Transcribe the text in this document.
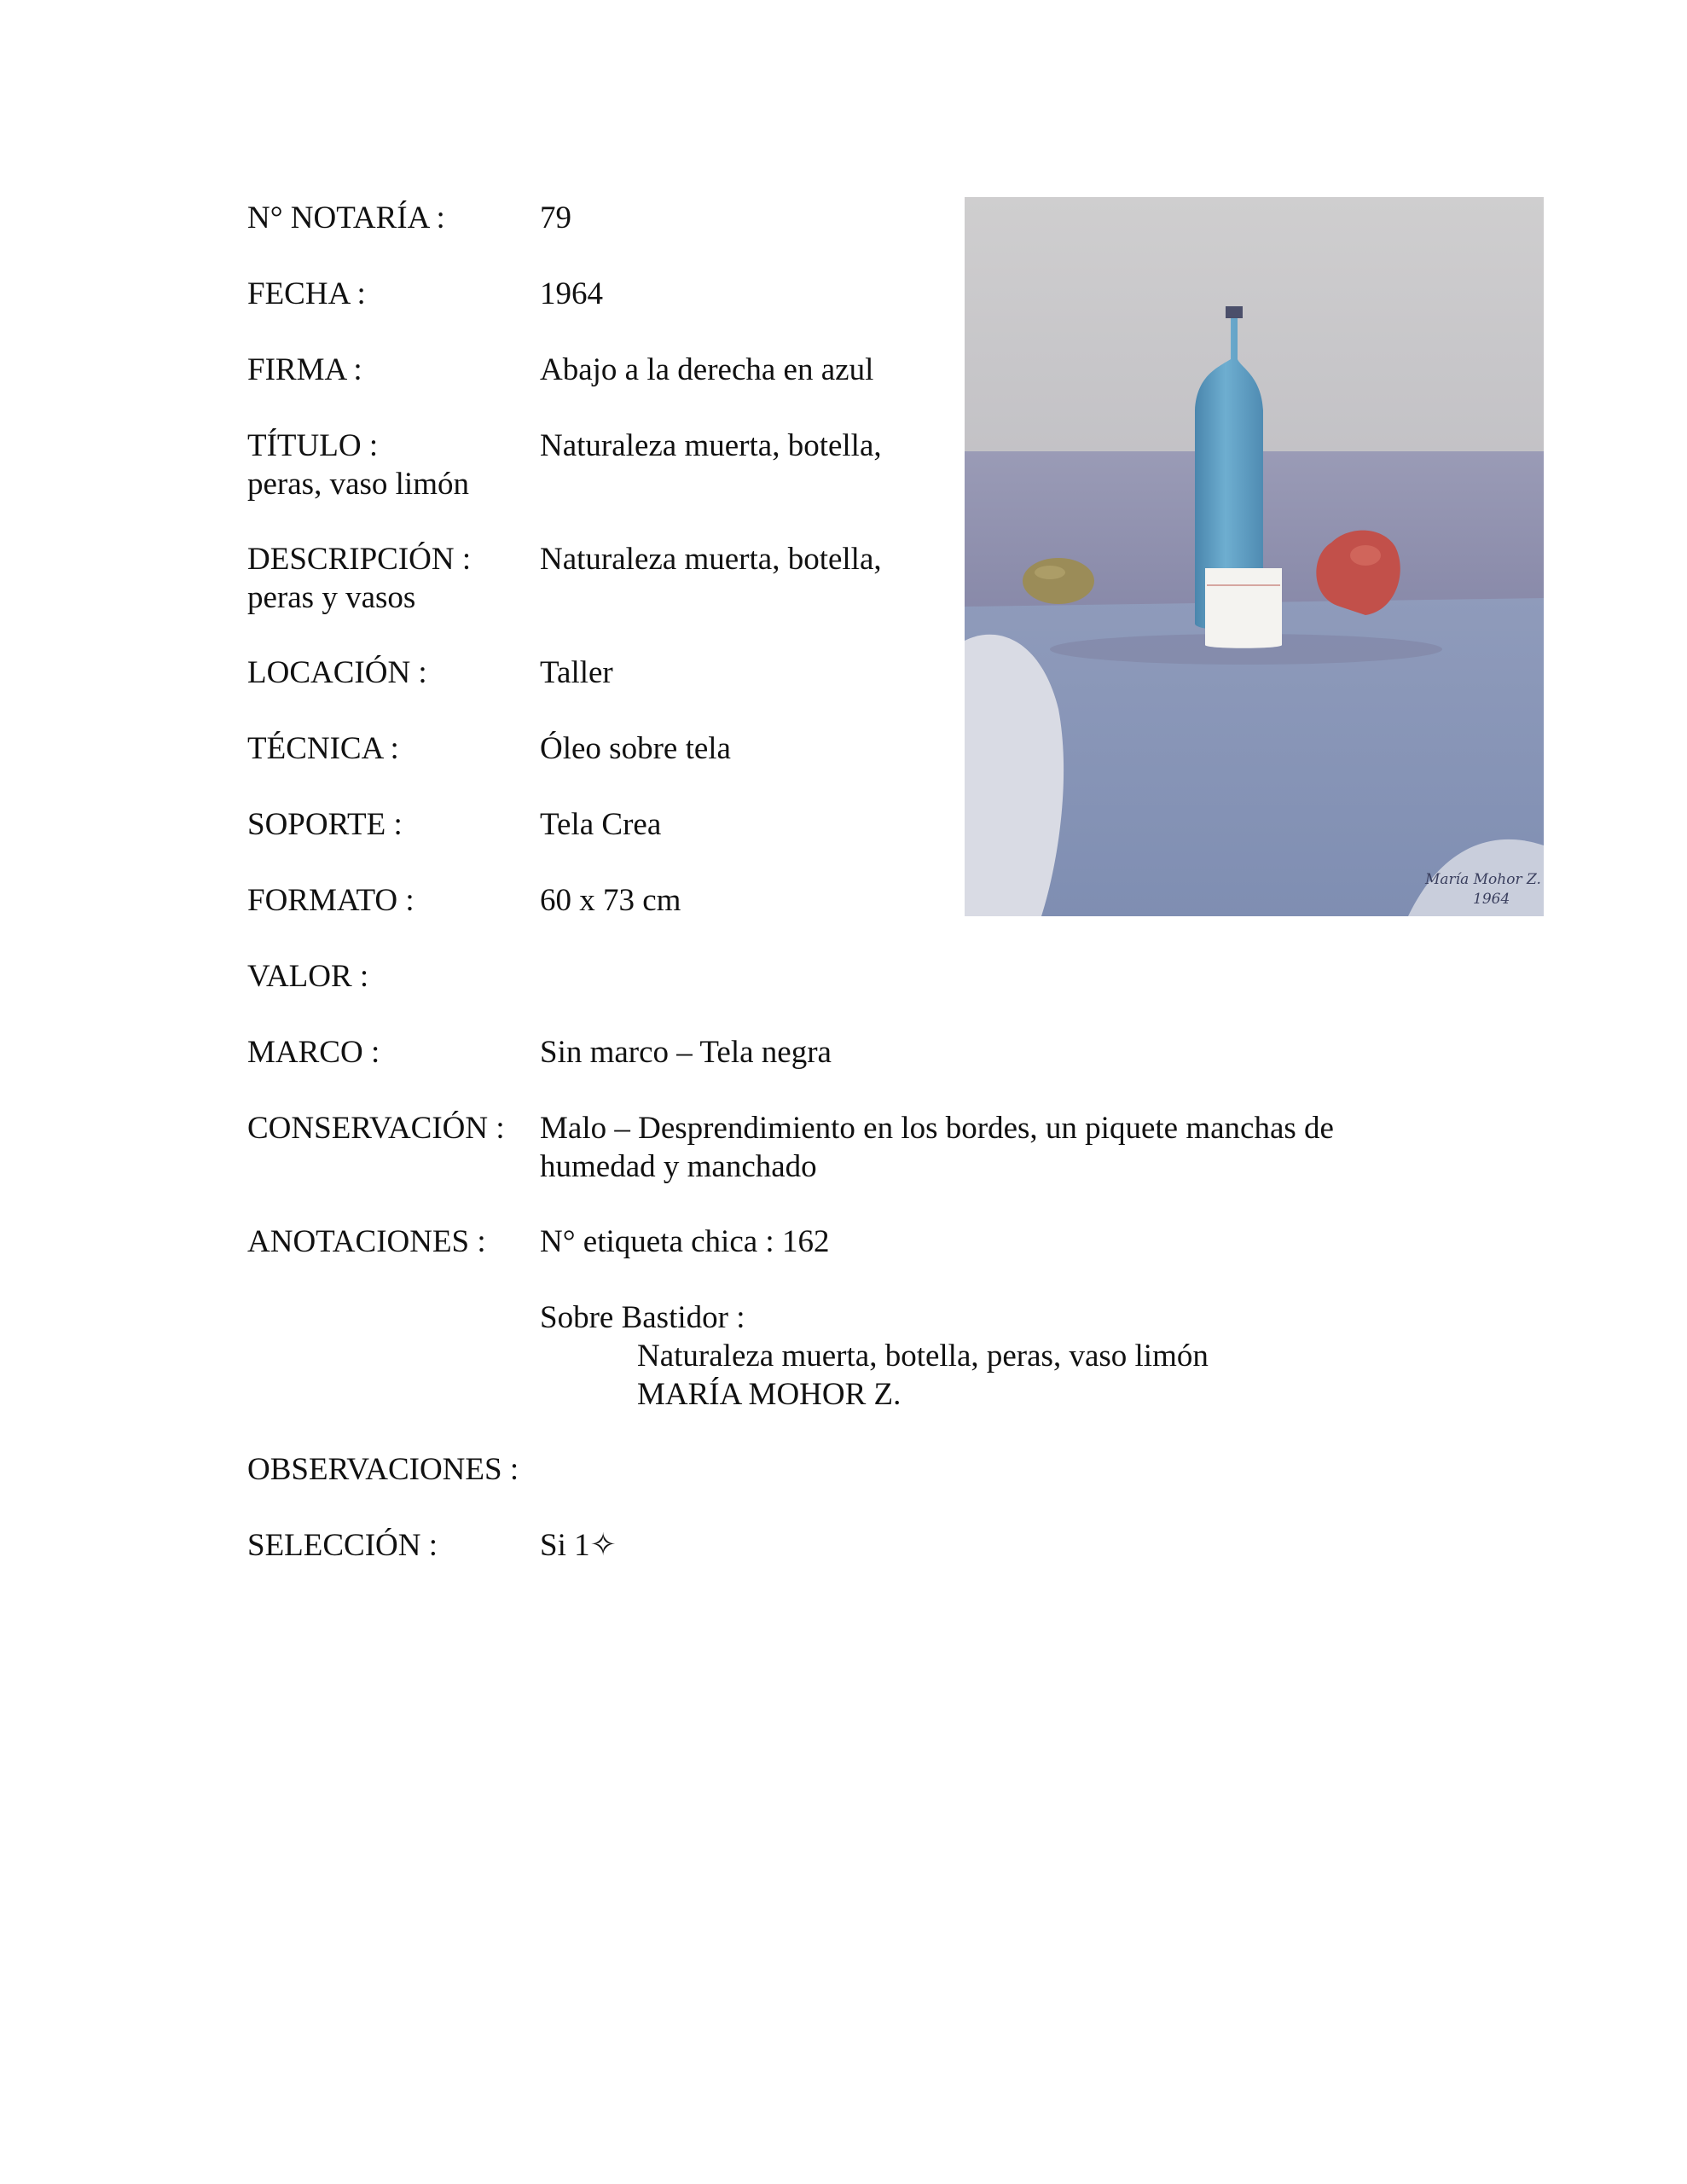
N° NOTARÍA :	79
FECHA :	1964
FIRMA :	Abajo a la derecha en azul
TÍTULO :	Naturaleza muerta, botella,
peras, vaso limón
DESCRIPCIÓN : Naturaleza muerta, botella,
peras y vasos
LOCACIÓN :	Taller
TÉCNICA :	Óleo sobre tela
SOPORTE :	Tela Crea
FORMATO :	60 x 73 cm
VALOR :
MARCO :	Sin marco – Tela negra
CONSERVACIÓN : Malo – Desprendimiento en los bordes, un piquete manchas de
humedad y manchado
ANOTACIONES : N° etiqueta chica : 162
Sobre Bastidor :
Naturaleza muerta, botella, peras, vaso limón
MARÍA MOHOR Z.
OBSERVACIONES :
SELECCIÓN :	Si 1✧
María Mohor Z.
1964
